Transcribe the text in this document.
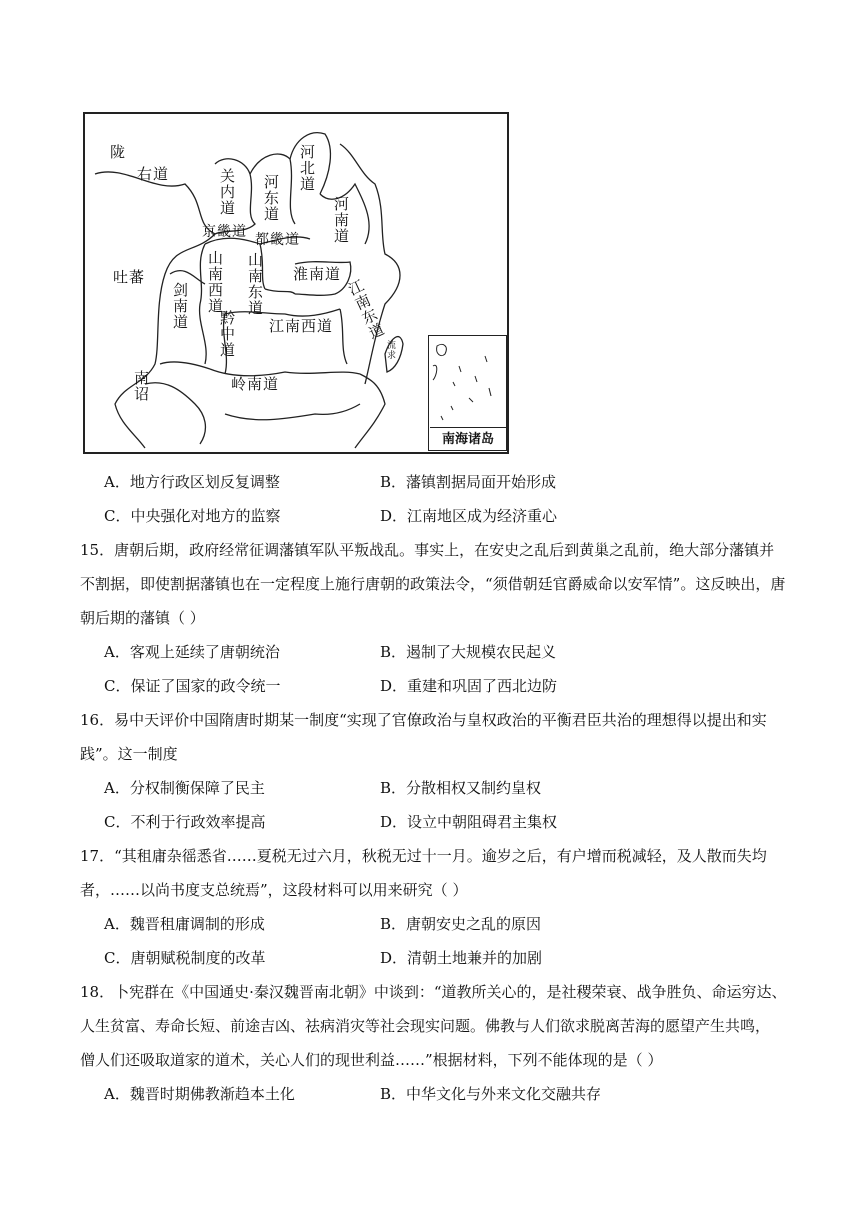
陇
右道
吐蕃
关内道 河东道
河北道
河南道
京畿道 都畿道
山南西道 山南东道 淮南道
剑南道
黔中道 江南西道 江南东道
南诏	岭南道
流求
南海诸岛
A．地方行政区划反复调整	B．藩镇割据局面开始形成
C．中央强化对地方的监察	D．江南地区成为经济重心
15．唐朝后期，政府经常征调藩镇军队平叛战乱。事实上，在安史之乱后到黄巢之乱前，绝大部分藩镇并
不割据，即使割据藩镇也在一定程度上施行唐朝的政策法令，“须借朝廷官爵威命以安军情”。这反映出，唐
朝后期的藩镇（ ）
A．客观上延续了唐朝统治	B．遏制了大规模农民起义
C．保证了国家的政令统一	D．重建和巩固了西北边防
16．易中天评价中国隋唐时期某一制度“实现了官僚政治与皇权政治的平衡君臣共治的理想得以提出和实
践”。这一制度
A．分权制衡保障了民主	B．分散相权又制约皇权
C．不利于行政效率提高	D．设立中朝阻碍君主集权
17．“其租庸杂徭悉省……夏税无过六月，秋税无过十一月。逾岁之后，有户增而税减轻，及人散而失均
者，……以尚书度支总统焉”，这段材料可以用来研究（ ）
A．魏晋租庸调制的形成	B．唐朝安史之乱的原因
C．唐朝赋税制度的改革	D．清朝土地兼并的加剧
18．卜宪群在《中国通史·秦汉魏晋南北朝》中谈到：“道教所关心的，是社稷荣衰、战争胜负、命运穷达、
人生贫富、寿命长短、前途吉凶、祛病消灾等社会现实问题。佛教与人们欲求脱离苦海的愿望产生共鸣，
僧人们还吸取道家的道术，关心人们的现世利益……”根据材料，下列不能体现的是（ ）
A．魏晋时期佛教渐趋本土化	B．中华文化与外来文化交融共存
